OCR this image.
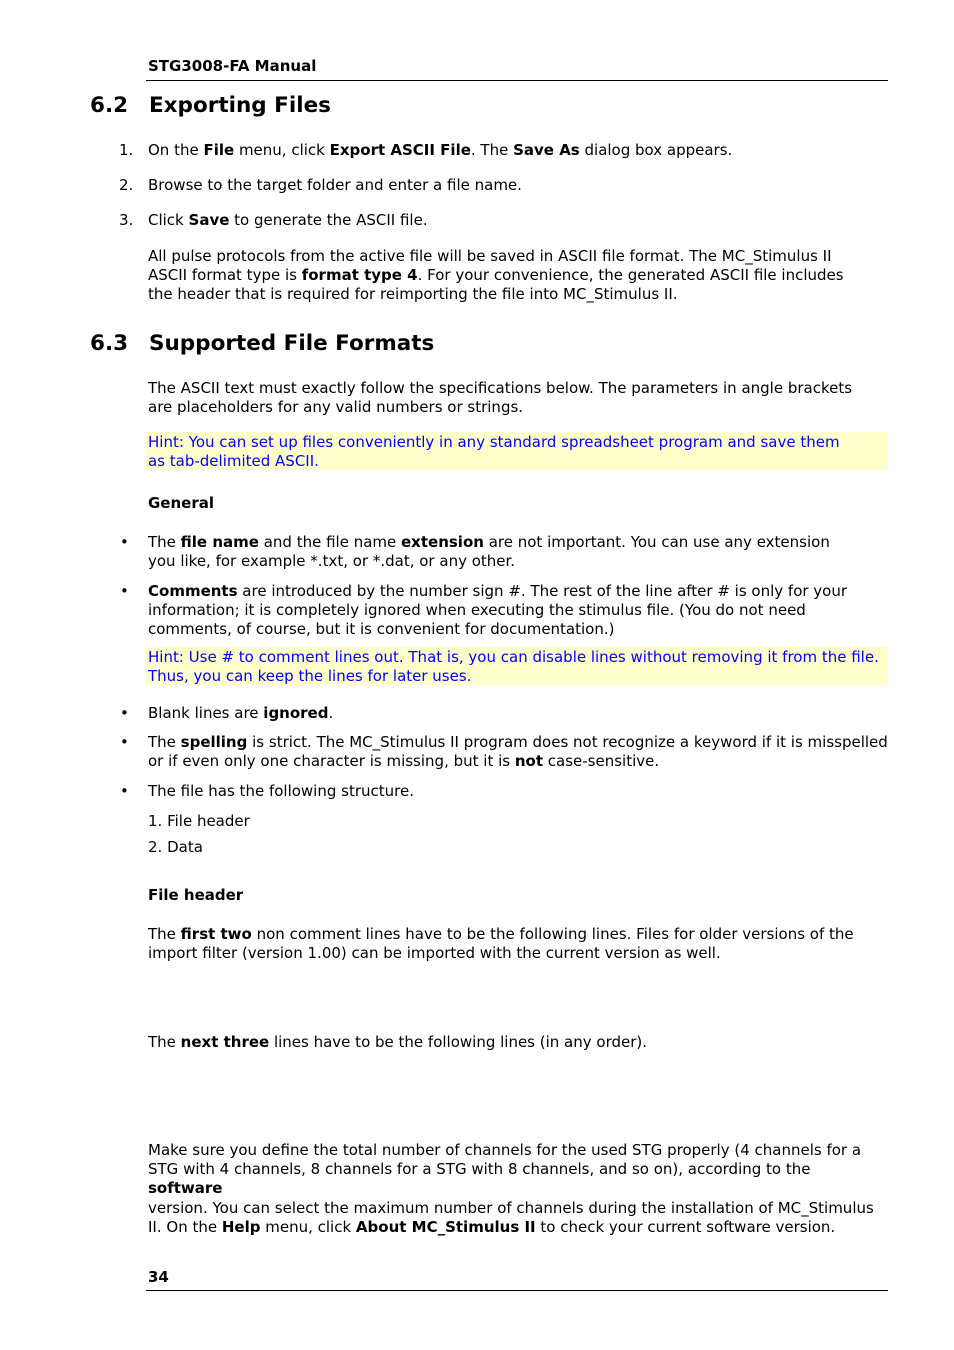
STG3008-FA Manual
6.2 Exporting Files
1. On the File menu, click Export ASCII File. The Save As dialog box appears.
2. Browse to the target folder and enter a file name.
3. Click Save to generate the ASCII file.
All pulse protocols from the active file will be saved in ASCII file format. The MC_Stimulus II
ASCII format type is format type 4. For your convenience, the generated ASCII file includes
the header that is required for reimporting the file into MC_Stimulus II.
6.3 Supported File Formats
The ASCII text must exactly follow the specifications below. The parameters in angle brackets
are placeholders for any valid numbers or strings.
Hint: You can set up files conveniently in any standard spreadsheet program and save them
as tab-delimited ASCII.
General
• The file name and the file name extension are not important. You can use any extension
you like, for example *.txt, or *.dat, or any other.
• Comments are introduced by the number sign #. The rest of the line after # is only for your
information; it is completely ignored when executing the stimulus file. (You do not need
comments, of course, but it is convenient for documentation.)
Hint: Use # to comment lines out. That is, you can disable lines without removing it from the file.
Thus, you can keep the lines for later uses.
• Blank lines are ignored.
• The spelling is strict. The MC_Stimulus II program does not recognize a keyword if it is misspelled
or if even only one character is missing, but it is not case-sensitive.
• The file has the following structure.
1. File header
2. Data
File header
The first two non comment lines have to be the following lines. Files for older versions of the
import filter (version 1.00) can be imported with the current version as well.
The next three lines have to be the following lines (in any order).
Make sure you define the total number of channels for the used STG properly (4 channels for a
STG with 4 channels, 8 channels for a STG with 8 channels, and so on), according to the software
version. You can select the maximum number of channels during the installation of MC_Stimulus
II. On the Help menu, click About MC_Stimulus II to check your current software version.
34
